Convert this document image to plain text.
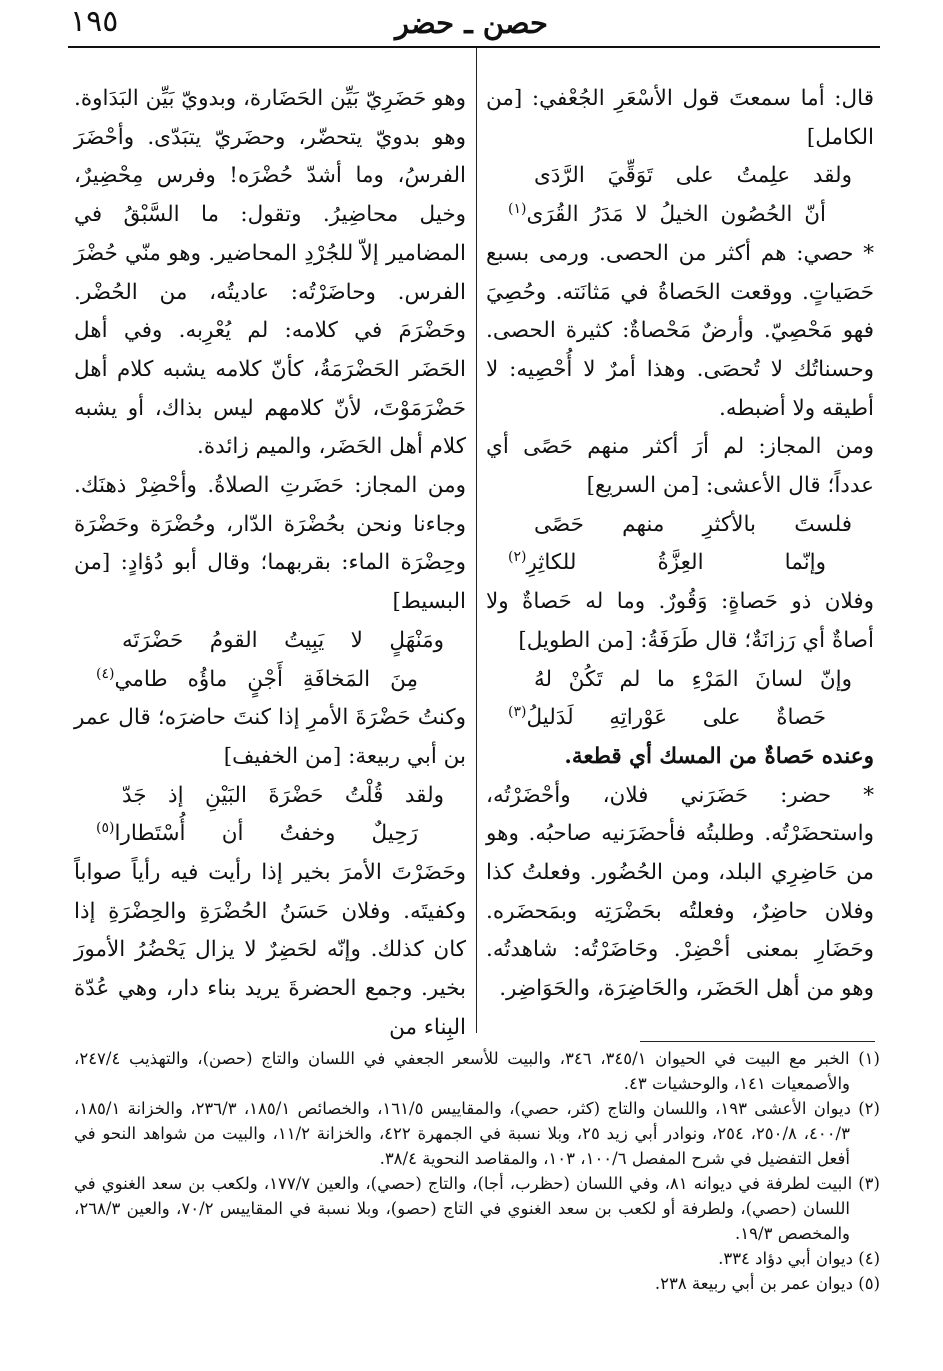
١٩٥	حصن ـ حضر

قال: أما سمعتَ قول الأسْعَرِ الجُعْفي: [من الكامل]

ولقد علِمتُ على تَوَقِّيَ الرَّدَى
أنّ الحُصُون الخيلُ لا مَدَرُ القُرَى$^{(١)}$

* حصي: هم أكثر من الحصى. ورمى بسبع حَصَياتٍ. ووقعت الحَصاةُ في مَثانَته. وحُصِيَ فهو مَحْصِيّ. وأرضٌ مَحْصاةٌ: كثيرة الحصى. وحسناتُك لا تُحصَى. وهذا أمرٌ لا أُحْصِيه: لا أطيقه ولا أضبطه.

ومن المجاز: لم أرَ أكثر منهم حَصًى أي عدداً؛ قال الأعشى: [من السريع]

فلستَ بالأكثرِ منهم حَصًى
وإنّما العِزَّةُ للكاثِرِ$^{(٢)}$

وفلان ذو حَصاةٍ: وَقُورٌ. وما له حَصاةٌ ولا أصاةٌ أي رَزانَةٌ؛ قال طَرَفَةُ: [من الطويل]

وإنّ لسانَ المَرْءِ ما لم تَكُنْ لهُ
حَصاةٌ على عَوْراتِهِ لَدَليلُ$^{(٣)}$

وعنده حَصاةٌ من المسك أي قطعة.

* حضر: حَضَرَني فلان، وأحْضَرْتُه، واستحضَرْتُه. وطلبتُه فأحضَرَنيه صاحبُه. وهو من حَاضِرِي البلد، ومن الحُضُور. وفعلتُ كذا وفلان حاضِرٌ، وفعلتُه بحَضْرَتِه وبمَحضَره. وحَضَارِ بمعنى أحْضِرْ. وحَاضَرْتُه: شاهدتُه. وهو من أهل الحَضَر، والحَاضِرَة، والحَوَاضِر.

وهو حَضَرِيّ بَيِّن الحَضَارة، وبدويّ بَيِّن البَدَاوة. وهو بدويّ يتحضّر، وحضَريّ يتبَدّى. وأحْضَرَ الفرسُ، وما أشدّ حُضْرَه! وفرس مِحْضِيرٌ، وخيل محاضِيرُ. وتقول: ما السَّبْقُ في المضامير إلاّ للجُرْدِ المحاضير. وهو منّي حُضْرَ الفرس. وحاضَرْتُه: عاديتُه، من الحُضْر. وحَضْرَمَ في كلامه: لم يُعْرِبه. وفي أهل الحَضَر الحَضْرَمَةُ، كأنّ كلامه يشبه كلام أهل حَضْرَمَوْتَ، لأنّ كلامهم ليس بذاك، أو يشبه كلام أهل الحَضَر، والميم زائدة.

ومن المجاز: حَضَرتِ الصلاةُ. وأحْضِرْ ذهنَك. وجاءنا ونحن بحُضْرَة الدّار، وحُضْرَة وحَضْرَة وحِضْرَة الماء: بقربهما؛ وقال أبو دُؤادٍ: [من البسيط]

ومَنْهَلٍ لا يَبِيتُ القومُ حَضْرَتَه
مِنَ المَخافَةِ أَجْنٍ ماؤُه طامي$^{(٤)}$

وكنتُ حَضْرَةَ الأمرِ إذا كنتَ حاضرَه؛ قال عمر بن أبي ربيعة: [من الخفيف]

ولقد قُلْتُ حَضْرَةَ البَيْنِ إذ جَدّ
رَحِيلٌ وخفتُ أن أُسْتَطارا$^{(٥)}$

وحَضَرْتَ الأمرَ بخير إذا رأيت فيه رأياً صواباً وكفيتَه. وفلان حَسَنُ الحُضْرَةِ والحِضْرَةِ إذا كان كذلك. وإنّه لحَضِرٌ لا يزال يَحْضُرُ الأمورَ بخير. وجمع الحضرةَ يريد بناء دار، وهي عُدّة البِناء من

(١) الخبر مع البيت في الحيوان ٣٤٥/١، ٣٤٦، والبيت للأسعر الجعفي في اللسان والتاج (حصن)، والتهذيب ٢٤٧/٤، والأصمعيات ١٤١، والوحشيات ٤٣.
(٢) ديوان الأعشى ١٩٣، واللسان والتاج (كثر، حصي)، والمقاييس ١٦١/٥، والخصائص ١٨٥/١، ٢٣٦/٣، والخزانة ١٨٥/١، ٤٠٠/٣، ٢٥٠/٨، ٢٥٤، ونوادر أبي زيد ٢٥، وبلا نسبة في الجمهرة ٤٢٢، والخزانة ١١/٢، والبيت من شواهد النحو في أفعل التفضيل في شرح المفصل ١٠٠/٦، ١٠٣، والمقاصد النحوية ٣٨/٤.
(٣) البيت لطرفة في ديوانه ٨١، وفي اللسان (حظرب، أجا)، والتاج (حصي)، والعين ١٧٧/٧، ولكعب بن سعد الغنوي في اللسان (حصي)، ولطرفة أو لكعب بن سعد الغنوي في التاج (حصو)، وبلا نسبة في المقاييس ٧٠/٢، والعين ٢٦٨/٣، والمخصص ١٩/٣.
(٤) ديوان أبي دؤاد ٣٣٤.
(٥) ديوان عمر بن أبي ربيعة ٢٣٨.
